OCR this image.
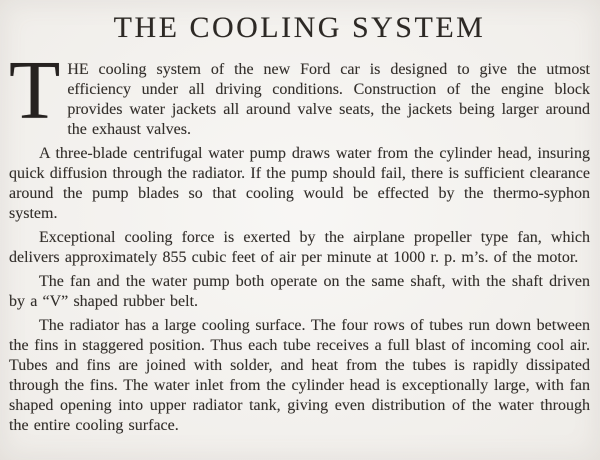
THE COOLING SYSTEM

THE cooling system of the new Ford car is designed to give the utmost efficiency under all driving conditions. Construction of the engine block provides water jackets all around valve seats, the jackets being larger around the exhaust valves.

A three-blade centrifugal water pump draws water from the cylinder head, insuring quick diffusion through the radiator. If the pump should fail, there is sufficient clearance around the pump blades so that cooling would be effected by the thermo-syphon system.

Exceptional cooling force is exerted by the airplane propeller type fan, which delivers approximately 855 cubic feet of air per minute at 1000 r. p. m’s. of the motor.

The fan and the water pump both operate on the same shaft, with the shaft driven by a “V” shaped rubber belt.

The radiator has a large cooling surface. The four rows of tubes run down between the fins in staggered position. Thus each tube receives a full blast of incoming cool air. Tubes and fins are joined with solder, and heat from the tubes is rapidly dissipated through the fins. The water inlet from the cylinder head is exceptionally large, with fan shaped opening into upper radiator tank, giving even distribution of the water through the entire cooling surface.
